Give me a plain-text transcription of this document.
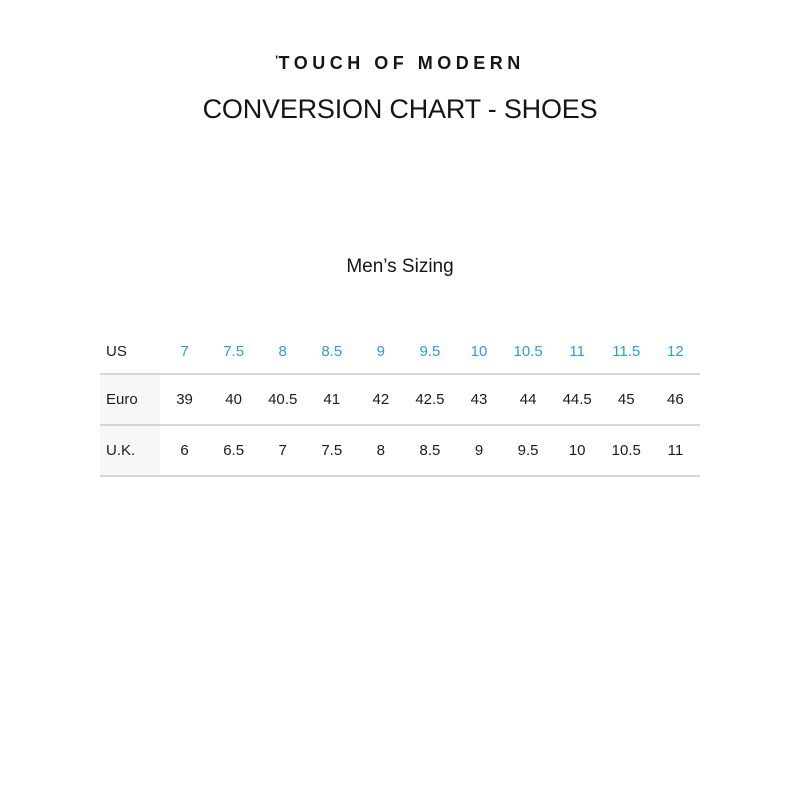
$^ʹ$TOUCH OF MODERN
CONVERSION CHART - SHOES
Men’s Sizing
US	7	7.5	8	8.5	9	9.5	10	10.5	11	11.5	12
Euro	39	40	40.5	41	42	42.5	43	44	44.5	45	46
U.K.	6	6.5	7	7.5	8	8.5	9	9.5	10	10.5	11
